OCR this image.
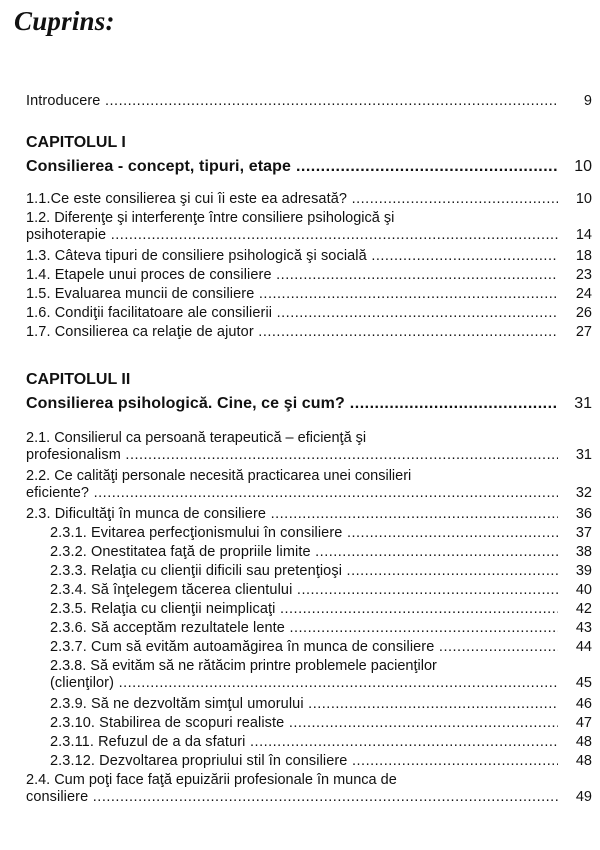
Cuprins:
Introducere .....	9
CAPITOLUL I
Consilierea - concept, tipuri, etape .....	10
1.1.Ce este consilierea şi cui îi este ea adresată? .....	10
1.2. Diferenţe şi interferenţe între consiliere psihologică şi
psihoterapie .....	14
1.3. Câteva tipuri de consiliere psihologică şi socială .....	18
1.4. Etapele unui proces de consiliere .....	23
1.5. Evaluarea muncii de consiliere .....	24
1.6. Condiţii facilitatoare ale consilierii .....	26
1.7. Consilierea ca relaţie de ajutor .....	27
CAPITOLUL II
Consilierea psihologică. Cine, ce şi cum? .....	31
2.1. Consilierul ca persoană terapeutică – eficienţă şi
profesionalism .....	31
2.2. Ce calităţi personale necesită practicarea unei consilieri
eficiente? .....	32
2.3. Dificultăţi în munca de consiliere .....	36
2.3.1. Evitarea perfecţionismului în consiliere .....	37
2.3.2. Onestitatea faţă de propriile limite .....	38
2.3.3. Relaţia cu clienţii dificili sau pretenţioşi .....	39
2.3.4. Să înţelegem tăcerea clientului .....	40
2.3.5. Relaţia cu clienţii neimplicaţi .....	42
2.3.6. Să acceptăm rezultatele lente .....	43
2.3.7. Cum să evităm autoamăgirea în munca de consiliere .....	44
2.3.8. Să evităm să ne rătăcim printre problemele pacienţilor
(clienţilor) .....	45
2.3.9. Să ne dezvoltăm simţul umorului .....	46
2.3.10. Stabilirea de scopuri realiste .....	47
2.3.11. Refuzul de a da sfaturi .....	48
2.3.12. Dezvoltarea propriului stil în consiliere .....	48
2.4. Cum poţi face faţă epuizării profesionale în munca de
consiliere .....	49
